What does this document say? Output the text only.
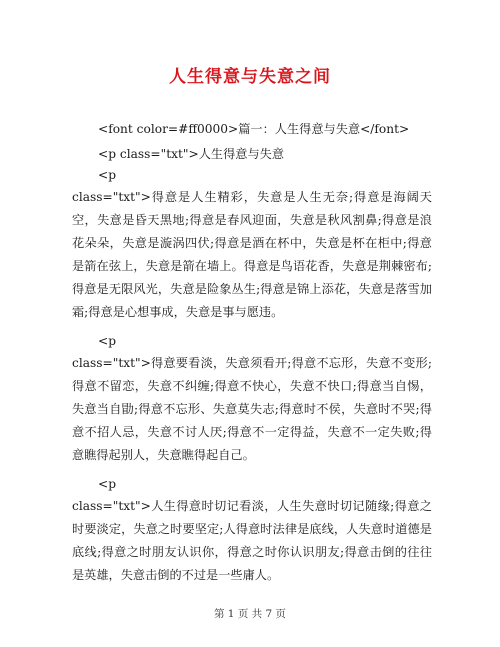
人生得意与失意之间
<font color=#ff0000>篇一：人生得意与失意</font>
<p class="txt">人生得意与失意
<p

class="txt">得意是人生精彩，失意是人生无奈;得意是海阔天空，失意是昏天黑地;得意是春风迎面，失意是秋风割鼻;得意是浪花朵朵，失意是漩涡四伏;得意是酒在杯中，失意是杯在柜中;得意是箭在弦上，失意是箭在墙上。得意是鸟语花香，失意是荆棘密布;得意是无限风光，失意是险象丛生;得意是锦上添花，失意是落雪加霜;得意是心想事成，失意是事与愿违。

<p

class="txt">得意要看淡，失意须看开;得意不忘形，失意不变形;得意不留恋，失意不纠缠;得意不快心，失意不快口;得意当自惕，失意当自勖;得意不忘形、失意莫失志;得意时不侯，失意时不哭;得意不招人忌，失意不讨人厌;得意不一定得益，失意不一定失败;得意瞧得起别人，失意瞧得起自己。

<p

class="txt">人生得意时切记看淡，人生失意时切记随缘;得意之时要淡定，失意之时要坚定;人得意时法律是底线，人失意时道德是底线;得意之时朋友认识你，得意之时你认识朋友;得意击倒的往往是英雄，失意击倒的不过是一些庸人。

第 1 页 共 7 页
